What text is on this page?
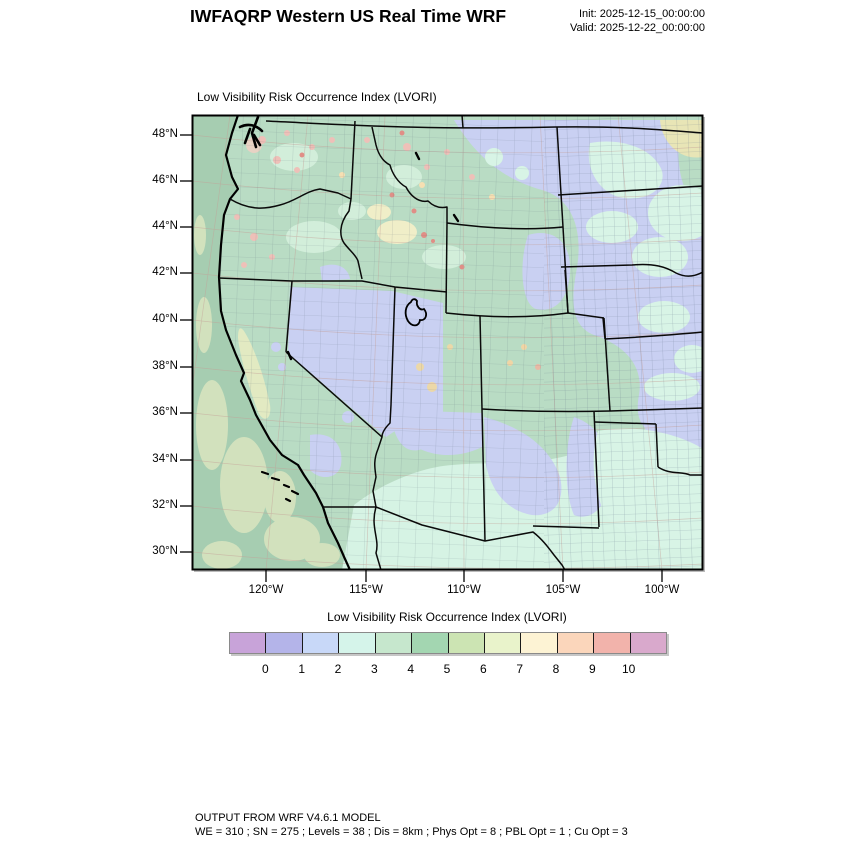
IWFAQRP Western US Real Time WRF	Init: 2025-12-15_00:00:00
Valid: 2025-12-22_00:00:00
Low Visibility Risk Occurrence Index (LVORI)
48°N
46°N
44°N
42°N
40°N
38°N
36°N
34°N
32°N
30°N
120°W	115°W	110°W	105°W	100°W
Low Visibility Risk Occurrence Index (LVORI)
0	1	2	3	4	5	6	7	8	9	10
OUTPUT FROM WRF V4.6.1 MODEL
WE = 310 ; SN = 275 ; Levels = 38 ; Dis = 8km ; Phys Opt = 8 ; PBL Opt = 1 ; Cu Opt = 3
